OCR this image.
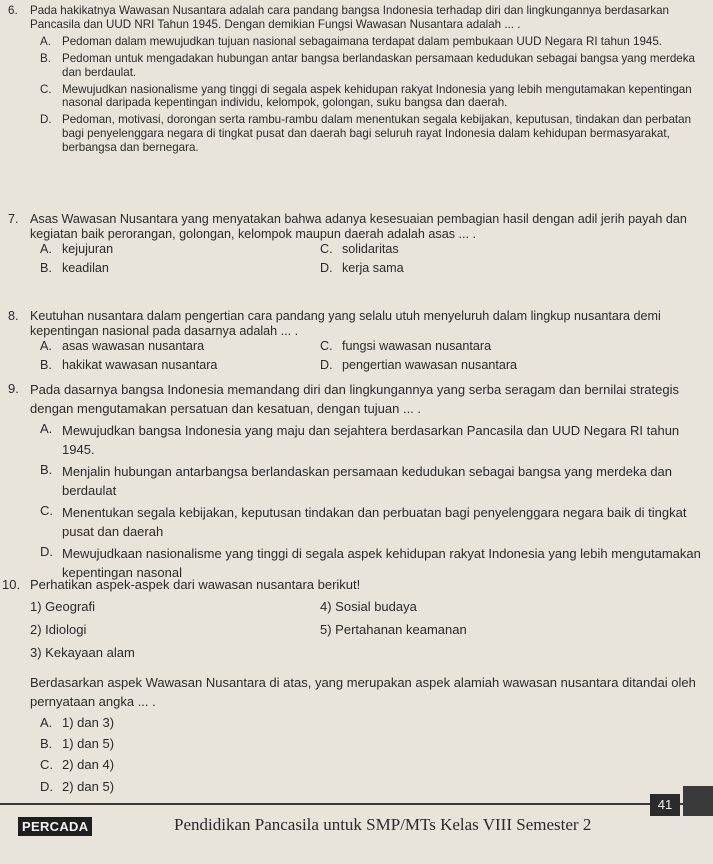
6. Pada hakikatnya Wawasan Nusantara adalah cara pandang bangsa Indonesia terhadap diri dan lingkungannya berdasarkan Pancasila dan UUD NRI Tahun 1945. Dengan demikian Fungsi Wawasan Nusantara adalah ... .
A. Pedoman dalam mewujudkan tujuan nasional sebagaimana terdapat dalam pembukaan UUD Negara RI tahun 1945.
B. Pedoman untuk mengadakan hubungan antar bangsa berlandaskan persamaan kedudukan sebagai bangsa yang merdeka dan berdaulat.
C. Mewujudkan nasionalisme yang tinggi di segala aspek kehidupan rakyat Indonesia yang lebih mengutamakan kepentingan nasonal daripada kepentingan individu, kelompok, golongan, suku bangsa dan daerah.
D. Pedoman, motivasi, dorongan serta rambu-rambu dalam menentukan segala kebijakan, keputusan, tindakan dan perbatan bagi penyelenggara negara di tingkat pusat dan daerah bagi seluruh rayat Indonesia dalam kehidupan bermasyarakat, berbangsa dan bernegara.
7. Asas Wawasan Nusantara yang menyatakan bahwa adanya kesesuaian pembagian hasil dengan adil jerih payah dan kegiatan baik perorangan, golongan, kelompok maupun daerah adalah asas ... .
A. kejujuran	C. solidaritas
B. keadilan	D. kerja sama
8. Keutuhan nusantara dalam pengertian cara pandang yang selalu utuh menyeluruh dalam lingkup nusantara demi kepentingan nasional pada dasarnya adalah ... .
A. asas wawasan nusantara	C. fungsi wawasan nusantara
B. hakikat wawasan nusantara	D. pengertian wawasan nusantara
9. Pada dasarnya bangsa Indonesia memandang diri dan lingkungannya yang serba seragam dan bernilai strategis dengan mengutamakan persatuan dan kesatuan, dengan tujuan ... .
A. Mewujudkan bangsa Indonesia yang maju dan sejahtera berdasarkan Pancasila dan UUD Negara RI tahun 1945.
B. Menjalin hubungan antarbangsa berlandaskan persamaan kedudukan sebagai bangsa yang merdeka dan berdaulat
C. Menentukan segala kebijakan, keputusan tindakan dan perbuatan bagi penyelenggara negara baik di tingkat pusat dan daerah
D. Mewujudkaan nasionalisme yang tinggi di segala aspek kehidupan rakyat Indonesia yang lebih mengutamakan kepentingan nasonal
10. Perhatikan aspek-aspek dari wawasan nusantara berikut!
1) Geografi
2) Idiologi
3) Kekayaan alam
4) Sosial budaya
5) Pertahanan keamanan
Berdasarkan aspek Wawasan Nusantara di atas, yang merupakan aspek alamiah wawasan nusantara ditandai oleh pernyataan angka ... .
A. 1) dan 3)
B. 1) dan 5)
C. 2) dan 4)
D. 2) dan 5)
41
PERCADA	Pendidikan Pancasila untuk SMP/MTs Kelas VIII Semester 2
